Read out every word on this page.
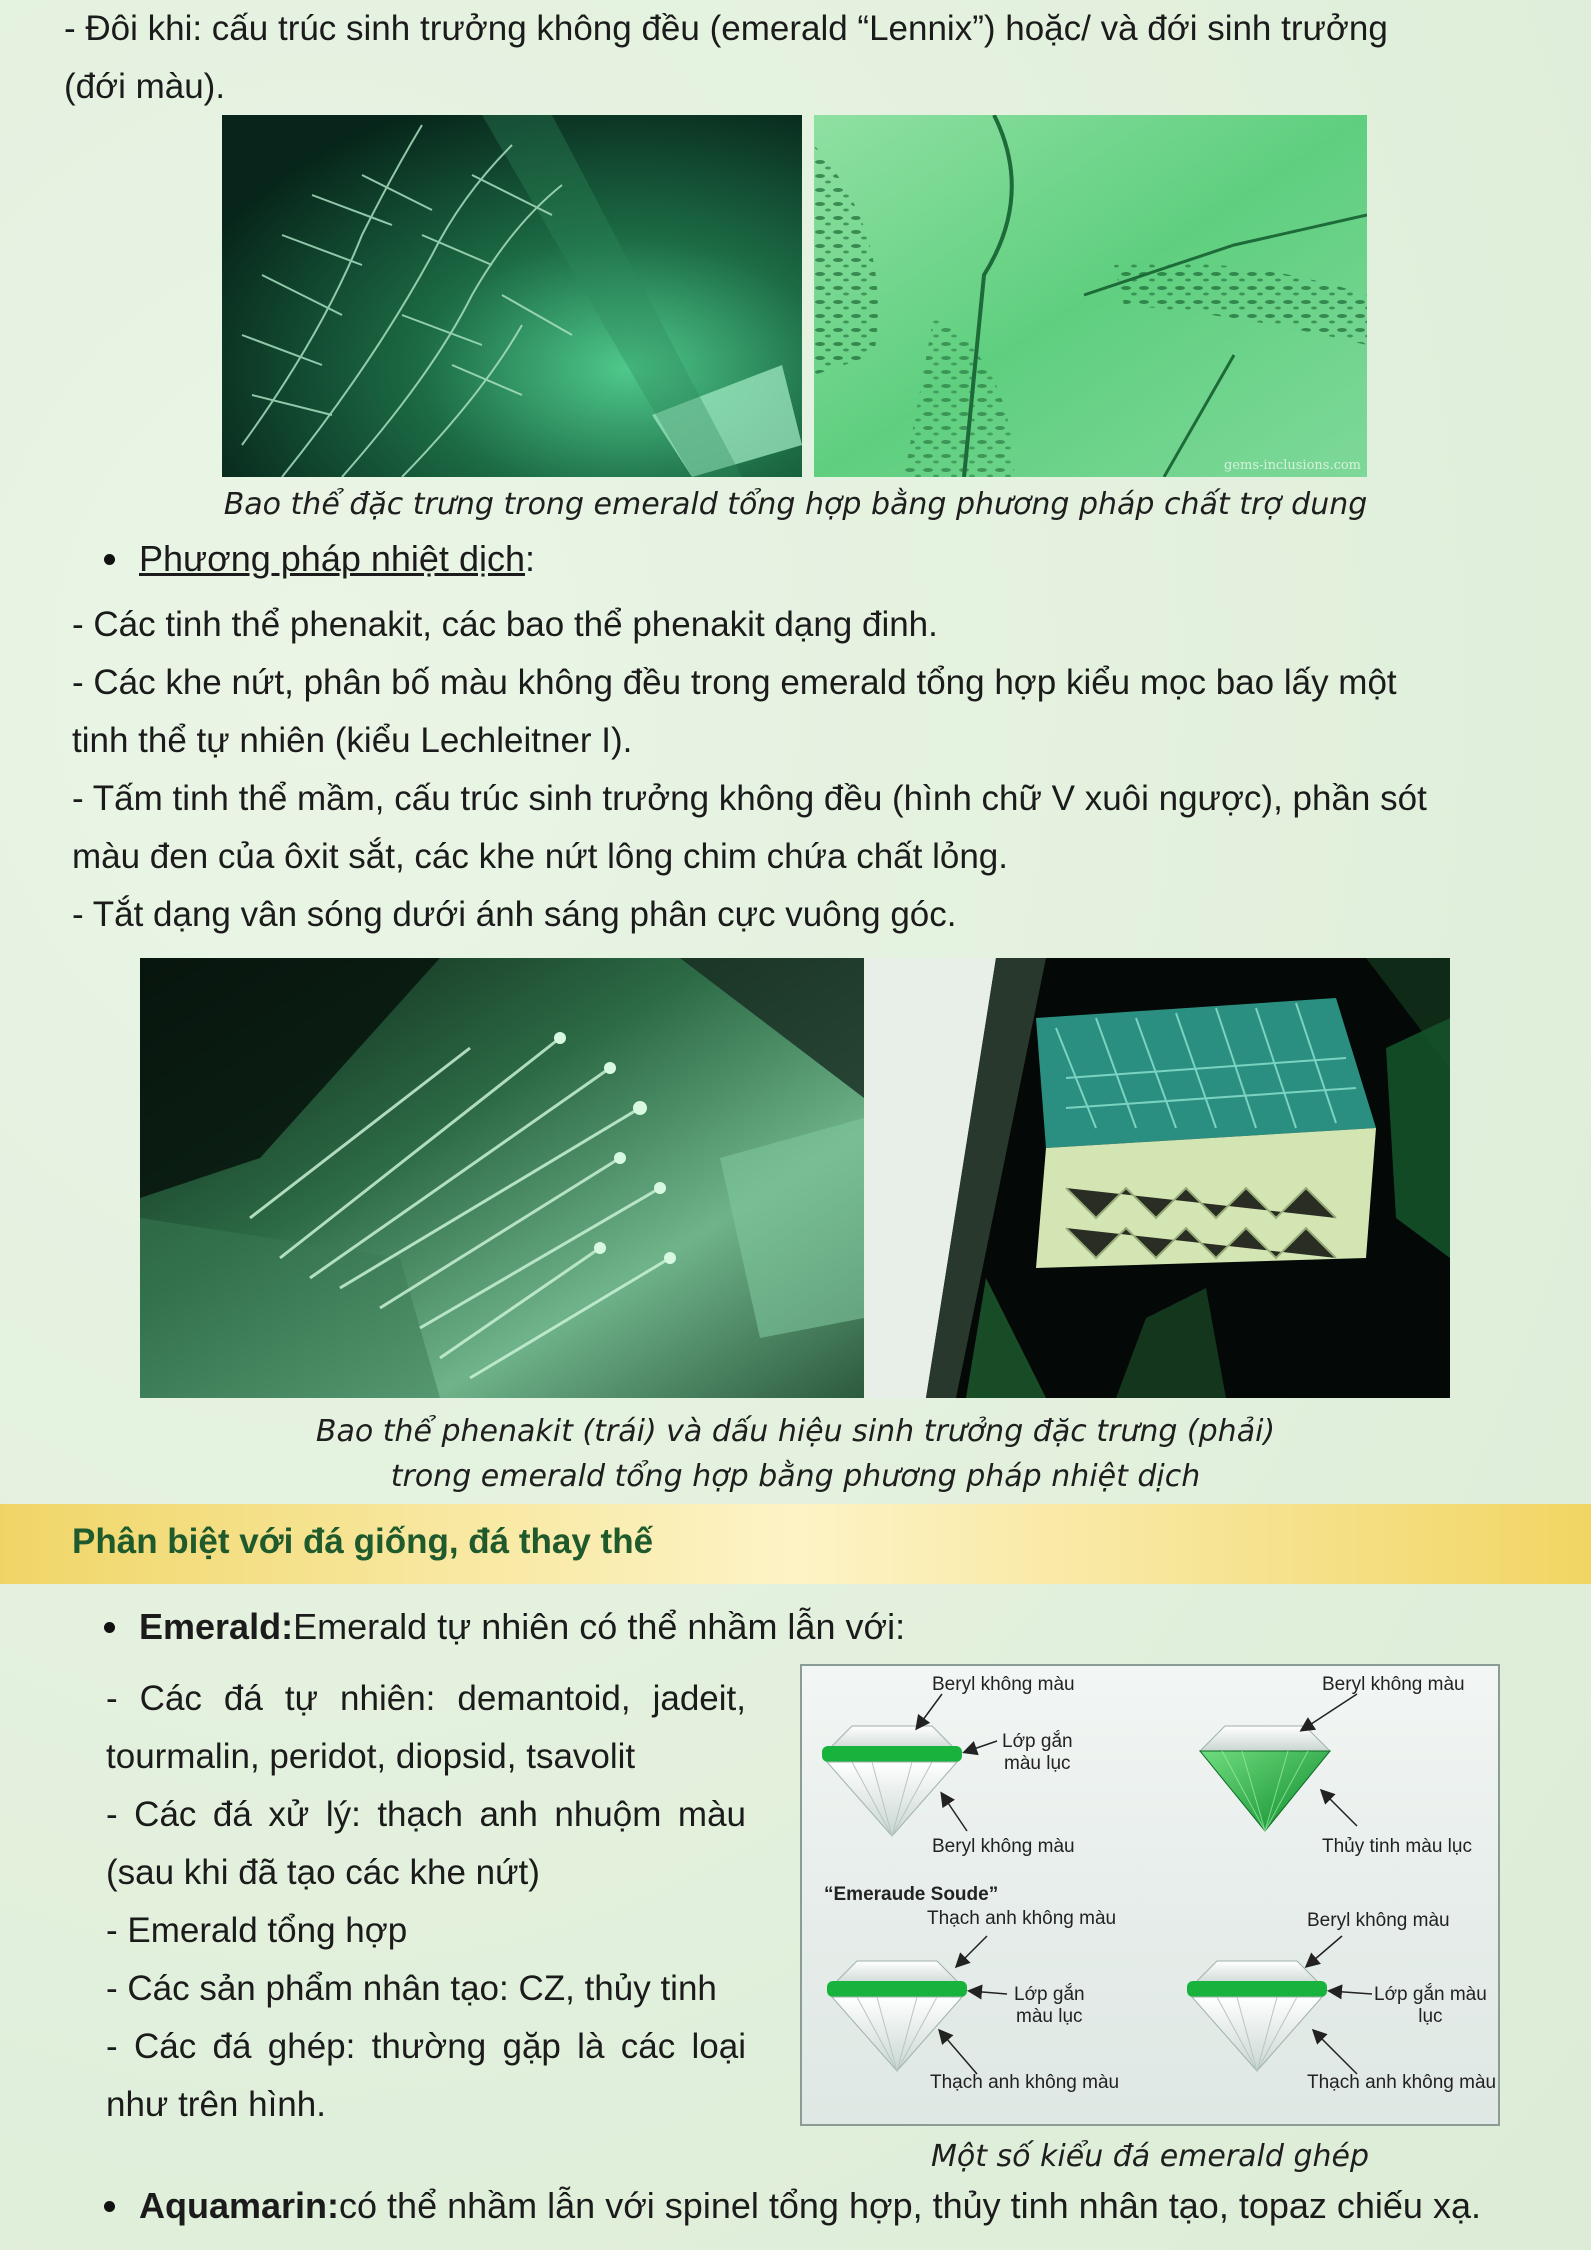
- Đôi khi: cấu trúc sinh trưởng không đều (emerald “Lennix”) hoặc/ và đới sinh trưởng

(đới màu).

gems-inclusions.com
Bao thể đặc trưng trong emerald tổng hợp bằng phương pháp chất trợ dung
Phương pháp nhiệt dịch :

- Các tinh thể phenakit, các bao thể phenakit dạng đinh.

- Các khe nứt, phân bố màu không đều trong emerald tổng hợp kiểu mọc bao lấy một

tinh thể tự nhiên (kiểu Lechleitner I).

- Tấm tinh thể mầm, cấu trúc sinh trưởng không đều (hình chữ V xuôi ngược), phần sót

màu đen của ôxit sắt, các khe nứt lông chim chứa chất lỏng.

- Tắt dạng vân sóng dưới ánh sáng phân cực vuông góc.

Bao thể phenakit (trái) và dấu hiệu sinh trưởng đặc trưng (phải)
trong emerald tổng hợp bằng phương pháp nhiệt dịch
Phân biệt với đá giống, đá thay thế
Emerald: Emerald tự nhiên có thể nhầm lẫn với:

- Các đá tự nhiên: demantoid, jadeit,

tourmalin, peridot, diopsid, tsavolit

- Các đá xử lý: thạch anh nhuộm màu

(sau khi đã tạo các khe nứt)

- Emerald tổng hợp

- Các sản phẩm nhân tạo: CZ, thủy tinh

- Các đá ghép: thường gặp là các loại

như trên hình.

Beryl không màu
Lớp gắn
màu lục
Beryl không màu
Beryl không màu
Thủy tinh màu lục
“Emeraude Soude”
Thạch anh không màu
Lớp gắn
màu lục
Thạch anh không màu
Beryl không màu
Lớp gắn màu
lục
Thạch anh không màu
Một số kiểu đá emerald ghép
Aquamarin: có thể nhầm lẫn với spinel tổng hợp, thủy tinh nhân tạo, topaz chiếu xạ.
